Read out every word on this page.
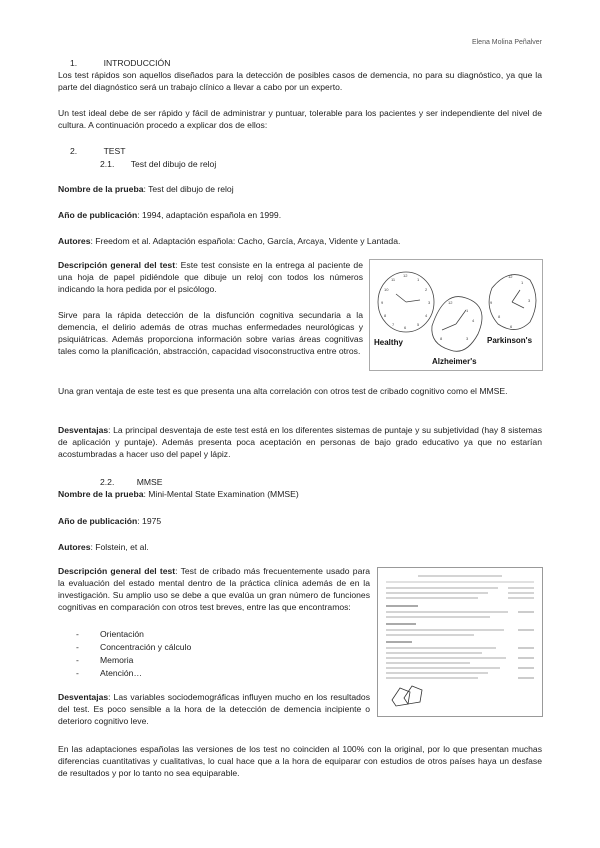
Elena Molina Peñalver
1.	INTRODUCCIÓN
Los test rápidos son aquellos diseñados para la detección de posibles casos de demencia, no para su diagnóstico, ya que la parte del diagnóstico será un trabajo clínico a llevar a cabo por un experto.
Un test ideal debe de ser rápido y fácil de administrar y puntuar, tolerable para los pacientes y ser independiente del nivel de cultura. A continuación procedo a explicar dos de ellos:
2.	TEST
2.1. Test del dibujo de reloj
Nombre de la prueba: Test del dibujo de reloj
Año de publicación: 1994, adaptación española en 1999.
Autores: Freedom et al. Adaptación española: Cacho, García, Arcaya, Vidente y Lantada.
Descripción general del test: Este test consiste en la entrega al paciente de una hoja de papel pidiéndole que dibuje un reloj con todos los números indicando la hora pedida por el psicólogo.
Sirve para la rápida detección de la disfunción cognitiva secundaria a la demencia, el delirio además de otras muchas enfermedades neurológicas y psiquiátricas. Además proporciona información sobre varias áreas cognitivas tales como la planificación, abstracción, capacidad visoconstructiva entre otros.
12
3
6
9
1
2
4
5
7
8
10
11
12
1
4
3
8
12
3
6
9
1
8
Healthy	Parkinson's
Alzheimer's
Una gran ventaja de este test es que presenta una alta correlación con otros test de cribado cognitivo como el MMSE.
Desventajas: La principal desventaja de este test está en los diferentes sistemas de puntaje y su subjetividad (hay 8 sistemas de aplicación y puntaje). Además presenta poca aceptación en personas de bajo grado educativo ya que no estarían acostumbradas a hacer uso del papel y lápiz.
2.2.	MMSE
Nombre de la prueba: Mini-Mental State Examination (MMSE)
Año de publicación: 1975
Autores: Folstein, et al.
Descripción general del test: Test de cribado más frecuentemente usado para la evaluación del estado mental dentro de la práctica clínica además de en la investigación. Su amplio uso se debe a que evalúa un gran número de funciones cognitivas en comparación con otros test breves, entre las que encontramos:
- Orientación
- Concentración y cálculo
- Memoria
- Atención…
Desventajas: Las variables sociodemográficas influyen mucho en los resultados del test. Es poco sensible a la hora de la detección de demencia incipiente o deterioro cognitivo leve.
En las adaptaciones españolas las versiones de los test no coinciden al 100% con la original, por lo que presentan muchas diferencias cuantitativas y cualitativas, lo cual hace que a la hora de equiparar con estudios de otros países haya un desfase de resultados y por lo tanto no sea equiparable.
